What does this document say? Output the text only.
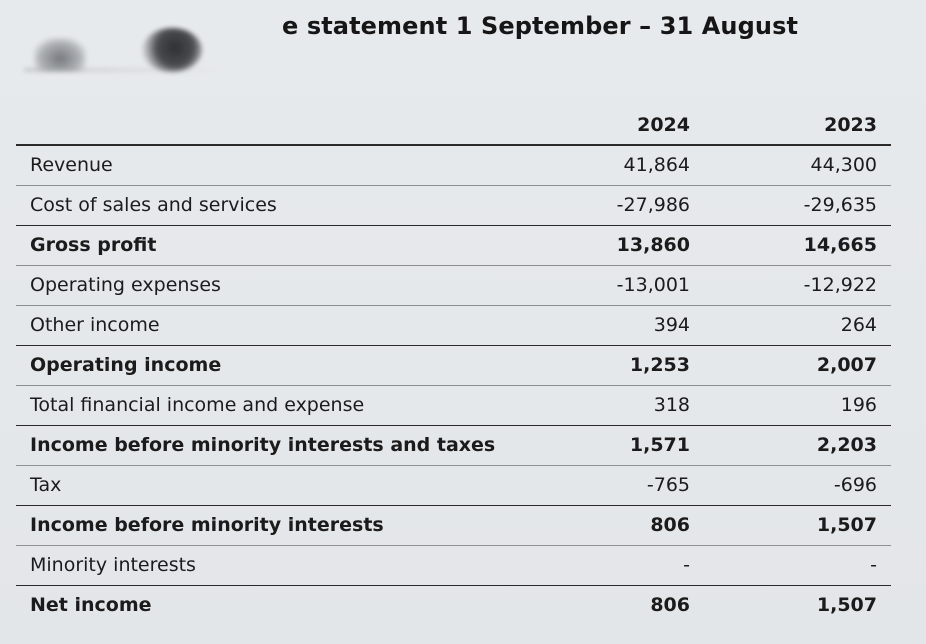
e statement 1 September – 31 August
	2024	2023
Revenue	41,864	44,300
Cost of sales and services	-27,986	-29,635
Gross profit	13,860	14,665
Operating expenses	-13,001	-12,922
Other income	394	264
Operating income	1,253	2,007
Total financial income and expense	318	196
Income before minority interests and taxes	1,571	2,203
Tax	-765	-696
Income before minority interests	806	1,507
Minority interests	-	-
Net income	806	1,507
